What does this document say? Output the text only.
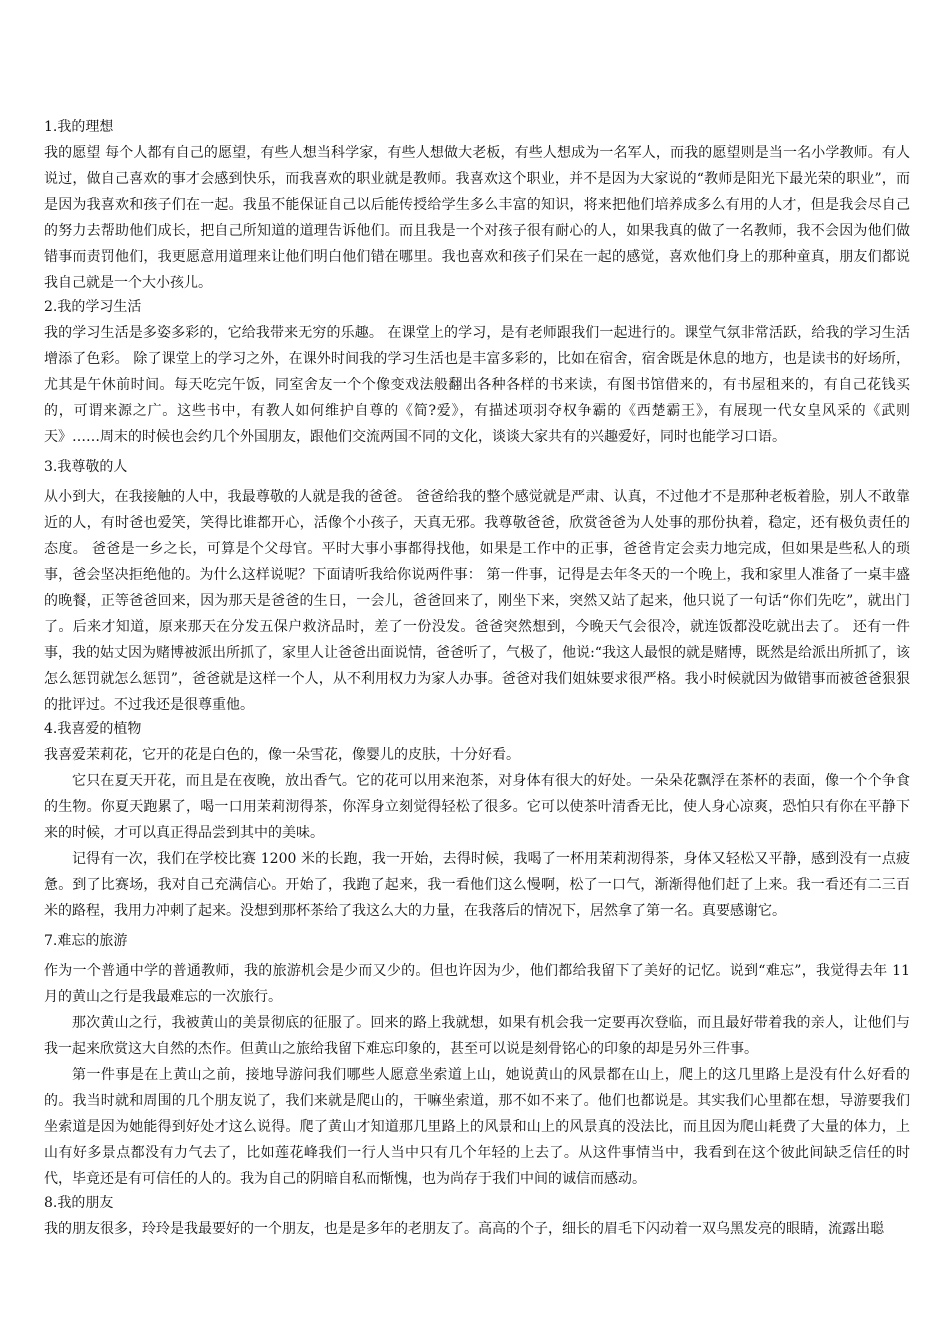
1.我的理想

我的愿望 每个人都有自己的愿望，有些人想当科学家，有些人想做大老板，有些人想成为一名军人，而我的愿望则是当一名小学教师。有人说过，做自己喜欢的事才会感到快乐，而我喜欢的职业就是教师。我喜欢这个职业，并不是因为大家说的“教师是阳光下最光荣的职业”，而是因为我喜欢和孩子们在一起。我虽不能保证自己以后能传授给学生多么丰富的知识，将来把他们培养成多么有用的人才，但是我会尽自己的努力去帮助他们成长，把自己所知道的道理告诉他们。而且我是一个对孩子很有耐心的人，如果我真的做了一名教师，我不会因为他们做错事而责罚他们，我更愿意用道理来让他们明白他们错在哪里。我也喜欢和孩子们呆在一起的感觉，喜欢他们身上的那种童真，朋友们都说我自己就是一个大小孩儿。

2.我的学习生活

我的学习生活是多姿多彩的，它给我带来无穷的乐趣。 在课堂上的学习，是有老师跟我们一起进行的。课堂气氛非常活跃，给我的学习生活增添了色彩。 除了课堂上的学习之外，在课外时间我的学习生活也是丰富多彩的，比如在宿舍，宿舍既是休息的地方，也是读书的好场所，尤其是午休前时间。每天吃完午饭，同室舍友一个个像变戏法般翻出各种各样的书来读，有图书馆借来的，有书屋租来的，有自己花钱买的，可谓来源之广。这些书中，有教人如何维护自尊的《简?爱》，有描述项羽夺权争霸的《西楚霸王》，有展现一代女皇风采的《武则天》……周末的时候也会约几个外国朋友，跟他们交流两国不同的文化，谈谈大家共有的兴趣爱好，同时也能学习口语。

3.我尊敬的人

从小到大，在我接触的人中，我最尊敬的人就是我的爸爸。 爸爸给我的整个感觉就是严肃、认真，不过他才不是那种老板着脸，别人不敢靠近的人，有时爸也爱笑，笑得比谁都开心，活像个小孩子，天真无邪。我尊敬爸爸，欣赏爸爸为人处事的那份执着，稳定，还有极负责任的态度。 爸爸是一乡之长，可算是个父母官。平时大事小事都得找他，如果是工作中的正事，爸爸肯定会卖力地完成，但如果是些私人的琐事，爸会坚决拒绝他的。为什么这样说呢？下面请听我给你说两件事： 第一件事，记得是去年冬天的一个晚上，我和家里人准备了一桌丰盛的晚餐，正等爸爸回来，因为那天是爸爸的生日，一会儿，爸爸回来了，刚坐下来，突然又站了起来，他只说了一句话“你们先吃”，就出门了。后来才知道，原来那天在分发五保户救济品时，差了一份没发。爸爸突然想到，今晚天气会很冷，就连饭都没吃就出去了。 还有一件事，我的姑丈因为赌博被派出所抓了，家里人让爸爸出面说情，爸爸听了，气极了，他说:“我这人最恨的就是赌博，既然是给派出所抓了，该怎么惩罚就怎么惩罚”，爸爸就是这样一个人，从不利用权力为家人办事。爸爸对我们姐妹要求很严格。我小时候就因为做错事而被爸爸狠狠的批评过。不过我还是很尊重他。

4.我喜爱的植物

我喜爱茉莉花，它开的花是白色的，像一朵雪花，像婴儿的皮肤，十分好看。

它只在夏天开花，而且是在夜晚，放出香气。它的花可以用来泡茶，对身体有很大的好处。一朵朵花飘浮在茶杯的表面，像一个个争食的生物。你夏天跑累了，喝一口用茉莉沏得茶，你浑身立刻觉得轻松了很多。它可以使茶叶清香无比，使人身心凉爽，恐怕只有你在平静下来的时候，才可以真正得品尝到其中的美味。

记得有一次，我们在学校比赛 1200 米的长跑，我一开始，去得时候，我喝了一杯用茉莉沏得茶，身体又轻松又平静，感到没有一点疲惫。到了比赛场，我对自己充满信心。开始了，我跑了起来，我一看他们这么慢啊，松了一口气，渐渐得他们赶了上来。我一看还有二三百米的路程，我用力冲刺了起来。没想到那杯茶给了我这么大的力量，在我落后的情况下，居然拿了第一名。真要感谢它。

7.难忘的旅游

作为一个普通中学的普通教师，我的旅游机会是少而又少的。但也许因为少，他们都给我留下了美好的记忆。说到“难忘”，我觉得去年 11 月的黄山之行是我最难忘的一次旅行。

那次黄山之行，我被黄山的美景彻底的征服了。回来的路上我就想，如果有机会我一定要再次登临，而且最好带着我的亲人，让他们与我一起来欣赏这大自然的杰作。但黄山之旅给我留下难忘印象的，甚至可以说是刻骨铭心的印象的却是另外三件事。

第一件事是在上黄山之前，接地导游问我们哪些人愿意坐索道上山，她说黄山的风景都在山上，爬上的这几里路上是没有什么好看的的。我当时就和周围的几个朋友说了，我们来就是爬山的，干嘛坐索道，那不如不来了。他们也都说是。其实我们心里都在想，导游要我们坐索道是因为她能得到好处才这么说得。爬了黄山才知道那几里路上的风景和山上的风景真的没法比，而且因为爬山耗费了大量的体力，上山有好多景点都没有力气去了，比如莲花峰我们一行人当中只有几个年轻的上去了。从这件事情当中，我看到在这个彼此间缺乏信任的时代，毕竟还是有可信任的人的。我为自己的阴暗自私而惭愧，也为尚存于我们中间的诚信而感动。

8.我的朋友

我的朋友很多，玲玲是我最要好的一个朋友，也是是多年的老朋友了。高高的个子，细长的眉毛下闪动着一双乌黑发亮的眼睛，流露出聪
